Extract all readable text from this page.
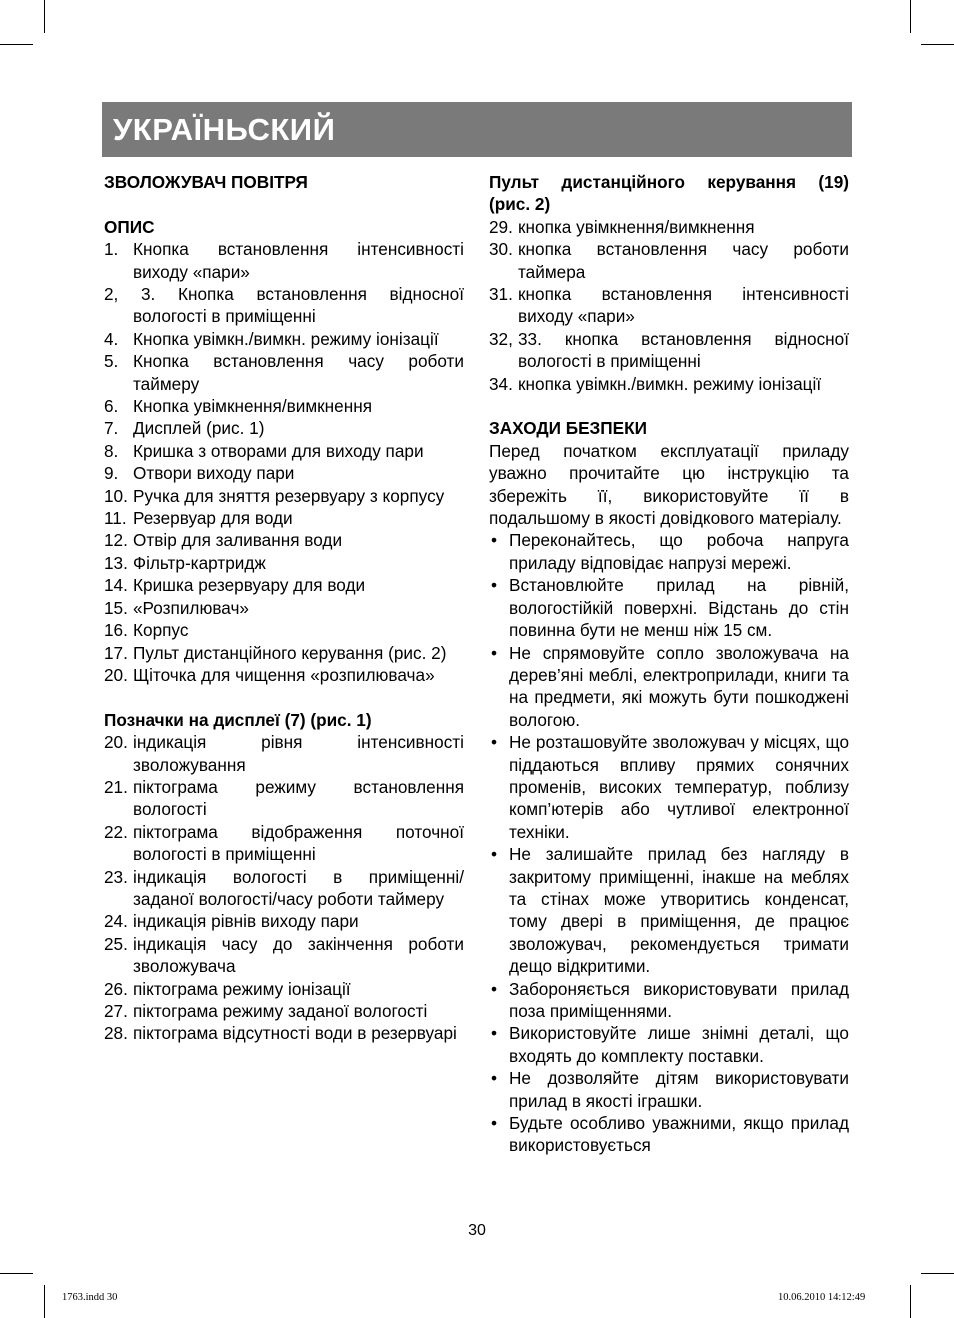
УКРАЇНЬСКИЙ
ЗВОЛОЖУВАЧ ПОВІТРЯ
ОПИС
1. Кнопка встановлення інтенсивності виходу «пари»
2, 3. Кнопка встановлення відносної вологості в приміщенні
4. Кнопка увімкн./вимкн. режиму іонізації
5. Кнопка встановлення часу роботи таймеру
6. Кнопка увімкнення/вимкнення
7. Дисплей (рис. 1)
8. Кришка з отворами для виходу пари
9. Отвори виходу пари
10. Ручка для зняття резервуару з корпусу
11. Резервуар для води
12. Отвір для заливання води
13. Фільтр-картридж
14. Кришка резервуару для води
15. «Розпилювач»
16. Корпус
17. Пульт дистанційного керування (рис. 2)
20. Щіточка для чищення «розпилювача»
Позначки на дисплеї (7) (рис. 1)
20. індикація рівня інтенсивності зволожування
21. піктограма режиму встановлення вологості
22. піктограма відображення поточної вологості в приміщенні
23. індикація вологості в приміщенні/ заданої вологості/часу роботи таймеру
24. індикація рівнів виходу пари
25. індикація часу до закінчення роботи зволожувача
26. піктограма режиму іонізації
27. піктограма режиму заданої вологості
28. піктограма відсутності води в резервуарі
Пульт дистанційного керування (19)
(рис. 2)
29. кнопка увімкнення/вимкнення
30. кнопка встановлення часу роботи таймера
31. кнопка встановлення інтенсивності виходу «пари»
32, 33. кнопка встановлення відносної вологості в приміщенні
34. кнопка увімкн./вимкн. режиму іонізації
ЗАХОДИ БЕЗПЕКИ
Перед початком експлуатації приладу уважно прочитайте цю інструкцію та збережіть її, використовуйте її в подальшому в якості довідкового матеріалу.
• Переконайтесь, що робоча напруга приладу відповідає напрузі мережі.
• Встановлюйте прилад на рівній, вологостійкій поверхні. Відстань до стін повинна бути не менш ніж 15 см.
• Не спрямовуйте сопло зволожувача на дерев’яні меблі, електроприлади, книги та на предмети, які можуть бути пошкоджені вологою.
• Не розташовуйте зволожувач у місцях, що піддаються впливу прямих сонячних променів, високих температур, поблизу комп’ютерів або чутливої електронної техніки.
• Не залишайте прилад без нагляду в закритому приміщенні, інакше на меблях та стінах може утворитись конденсат, тому двері в приміщення, де працює зволожувач, рекомендується тримати дещо відкритими.
• Забороняється використовувати прилад поза приміщеннями.
• Використовуйте лише знімні деталі, що входять до комплекту поставки.
• Не дозволяйте дітям використовувати прилад в якості іграшки.
• Будьте особливо уважними, якщо прилад використовується
30
1763.indd 30	10.06.2010 14:12:49
